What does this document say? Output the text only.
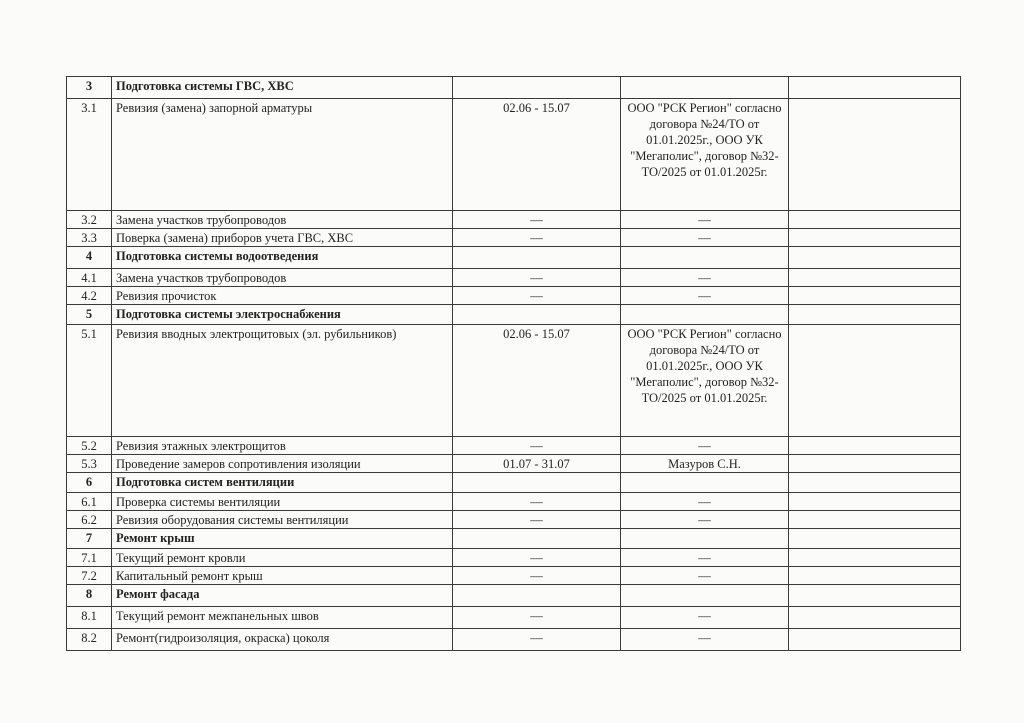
3	Подготовка системы ГВС, ХВС			
3.1	Ревизия (замена) запорной арматуры	02.06 - 15.07	ООО "РСК Регион" согласно договора №24/ТО от 01.01.2025г., ООО УК "Мегаполис", договор №32-ТО/2025 от 01.01.2025г.	
3.2	Замена участков трубопроводов	—	—	
3.3	Поверка (замена) приборов учета ГВС, ХВС	—	—	
4	Подготовка системы водоотведения			
4.1	Замена участков трубопроводов	—	—	
4.2	Ревизия прочисток	—	—	
5	Подготовка системы электроснабжения			
5.1	Ревизия вводных электрощитовых (эл. рубильников)	02.06 - 15.07	ООО "РСК Регион" согласно договора №24/ТО от 01.01.2025г., ООО УК "Мегаполис", договор №32-ТО/2025 от 01.01.2025г.	
5.2	Ревизия этажных электрощитов	—	—	
5.3	Проведение замеров сопротивления изоляции	01.07 - 31.07	Мазуров С.Н.	
6	Подготовка систем вентиляции			
6.1	Проверка системы вентиляции	—	—	
6.2	Ревизия оборудования системы вентиляции	—	—	
7	Ремонт крыш			
7.1	Текущий ремонт кровли	—	—	
7.2	Капитальный ремонт крыш	—	—	
8	Ремонт фасада			
8.1	Текущий ремонт межпанельных швов	—	—	
8.2	Ремонт(гидроизоляция, окраска) цоколя	—	—	
